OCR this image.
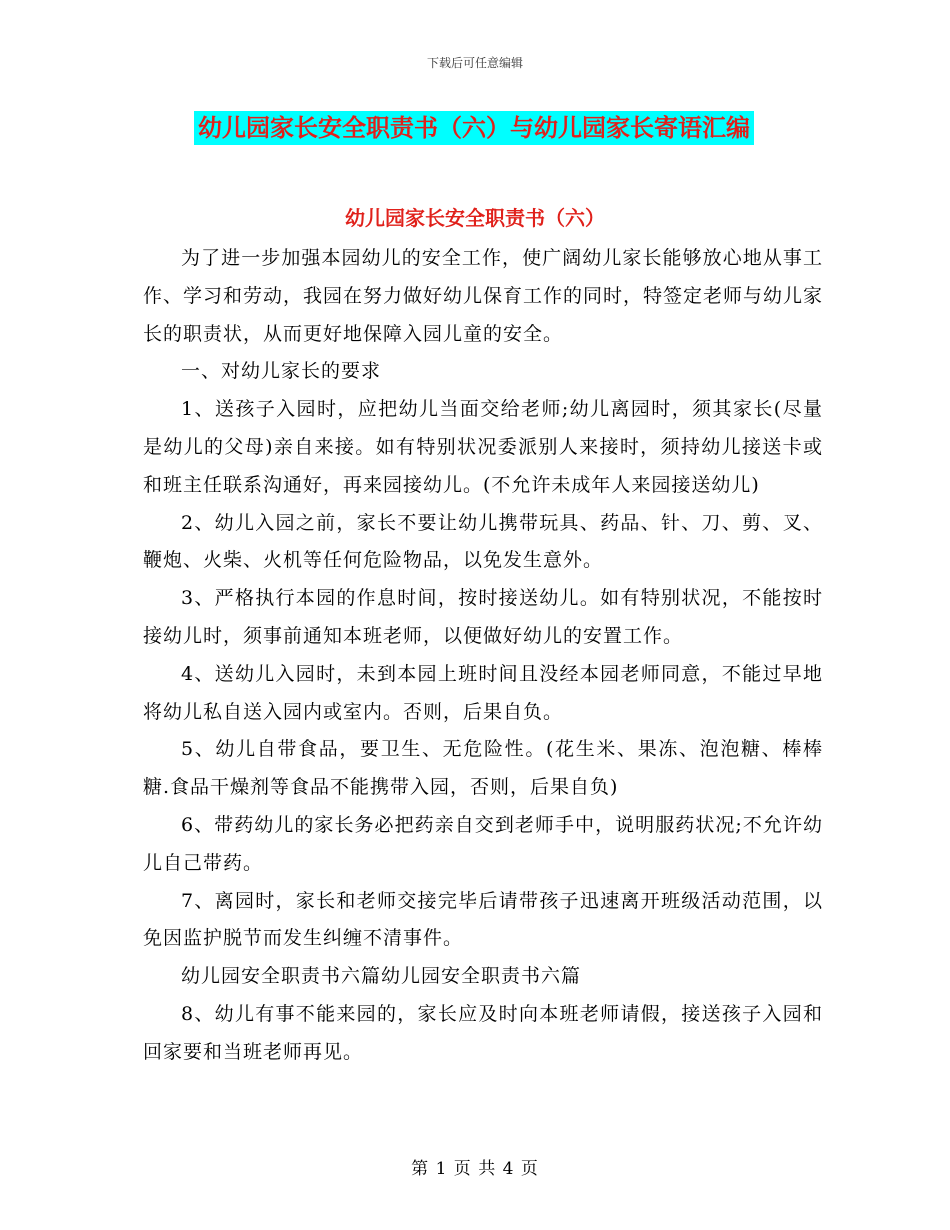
下载后可任意编辑
幼儿园家长安全职责书（六）与幼儿园家长寄语汇编
幼儿园家长安全职责书（六）

为了进一步加强本园幼儿的安全工作，使广阔幼儿家长能够放心地从事工作、学习和劳动，我园在努力做好幼儿保育工作的同时，特签定老师与幼儿家长的职责状，从而更好地保障入园儿童的安全。

一、对幼儿家长的要求

1、送孩子入园时，应把幼儿当面交给老师;幼儿离园时，须其家长(尽量是幼儿的父母)亲自来接。如有特别状况委派别人来接时，须持幼儿接送卡或和班主任联系沟通好，再来园接幼儿。(不允许未成年人来园接送幼儿)

2、幼儿入园之前，家长不要让幼儿携带玩具、药品、针、刀、剪、叉、鞭炮、火柴、火机等任何危险物品，以免发生意外。

3、严格执行本园的作息时间，按时接送幼儿。如有特别状况，不能按时接幼儿时，须事前通知本班老师，以便做好幼儿的安置工作。

4、送幼儿入园时，未到本园上班时间且没经本园老师同意，不能过早地将幼儿私自送入园内或室内。否则，后果自负。

5、幼儿自带食品，要卫生、无危险性。(花生米、果冻、泡泡糖、棒棒糖.食品干燥剂等食品不能携带入园，否则，后果自负)

6、带药幼儿的家长务必把药亲自交到老师手中，说明服药状况;不允许幼儿自己带药。

7、离园时，家长和老师交接完毕后请带孩子迅速离开班级活动范围，以免因监护脱节而发生纠缠不清事件。

幼儿园安全职责书六篇幼儿园安全职责书六篇

8、幼儿有事不能来园的，家长应及时向本班老师请假，接送孩子入园和回家要和当班老师再见。

第 1 页 共 4 页
